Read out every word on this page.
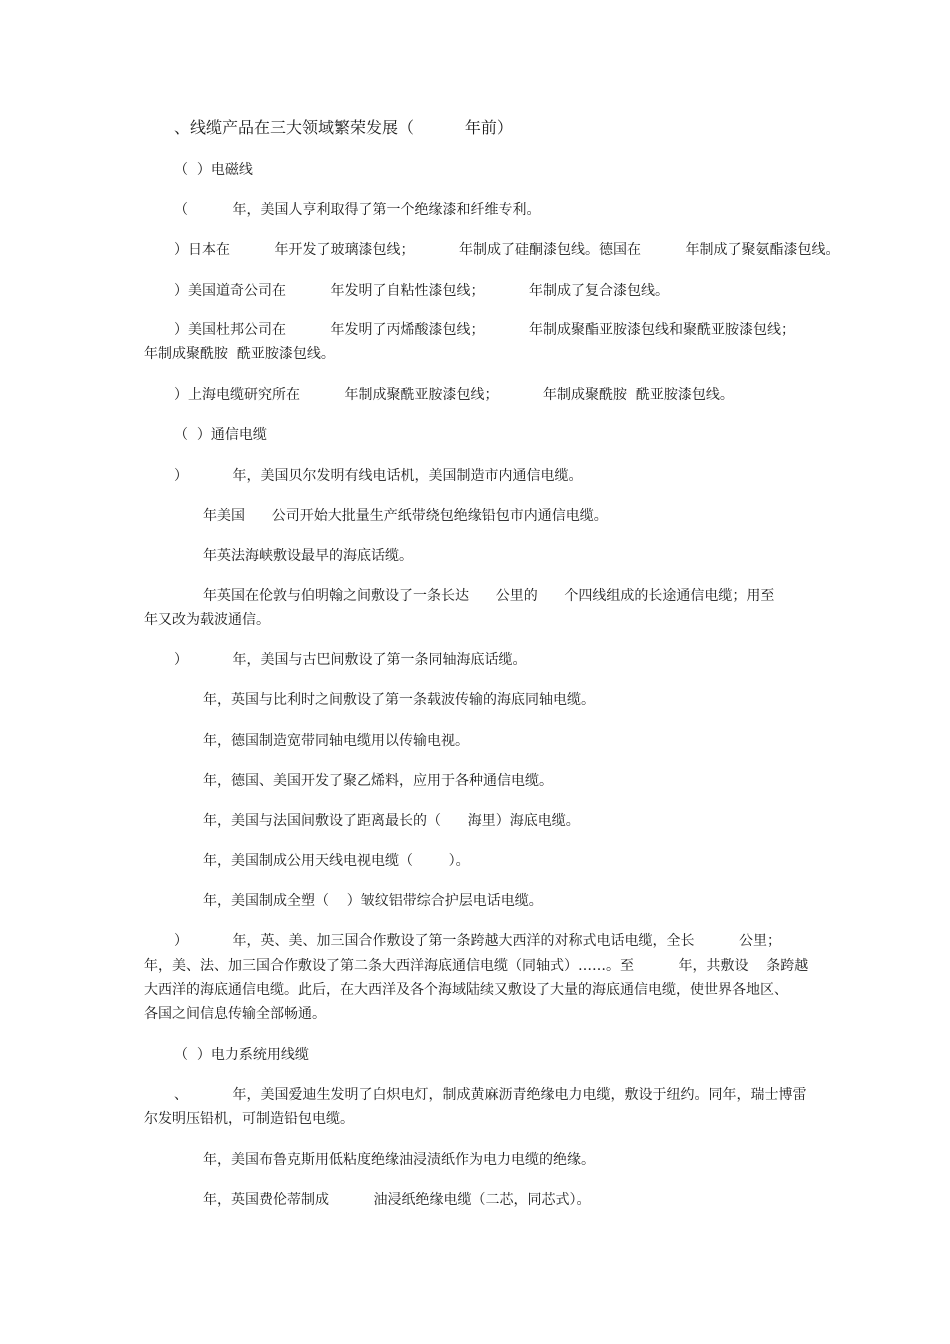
、线缆产品在三大领域繁荣发展（          年前）
（  ）电磁线
（          年，美国人亨利取得了第一个绝缘漆和纤维专利。
）日本在          年开发了玻璃漆包线；          年制成了硅酮漆包线。德国在          年制成了聚氨酯漆包线。
）美国道奇公司在          年发明了自粘性漆包线；          年制成了复合漆包线。
）美国杜邦公司在          年发明了丙烯酸漆包线；          年制成聚酯亚胺漆包线和聚酰亚胺漆包线；
年制成聚酰胺  酰亚胺漆包线。
）上海电缆研究所在          年制成聚酰亚胺漆包线；          年制成聚酰胺  酰亚胺漆包线。
（  ）通信电缆
）          年，美国贝尔发明有线电话机，美国制造市内通信电缆。
年美国      公司开始大批量生产纸带绕包绝缘铅包市内通信电缆。
年英法海峡敷设最早的海底话缆。
年英国在伦敦与伯明翰之间敷设了一条长达      公里的      个四线组成的长途通信电缆；用至
年又改为载波通信。
）          年，美国与古巴间敷设了第一条同轴海底话缆。
年，英国与比利时之间敷设了第一条载波传输的海底同轴电缆。
年，德国制造宽带同轴电缆用以传输电视。
年，德国、美国开发了聚乙烯料，应用于各种通信电缆。
年，美国与法国间敷设了距离最长的（      海里）海底电缆。
年，美国制成公用天线电视电缆（        ）。
年，美国制成全塑（    ）皱纹铝带综合护层电话电缆。
）          年，英、美、加三国合作敷设了第一条跨越大西洋的对称式电话电缆，全长          公里；
年，美、法、加三国合作敷设了第二条大西洋海底通信电缆（同轴式）……。至          年，共敷设    条跨越
大西洋的海底通信电缆。此后，在大西洋及各个海域陆续又敷设了大量的海底通信电缆，使世界各地区、
各国之间信息传输全部畅通。
（  ）电力系统用线缆
、          年，美国爱迪生发明了白炽电灯，制成黄麻沥青绝缘电力电缆，敷设于纽约。同年，瑞士博雷
尔发明压铅机，可制造铅包电缆。
年，美国布鲁克斯用低粘度绝缘油浸渍纸作为电力电缆的绝缘。
年，英国费伦蒂制成          油浸纸绝缘电缆（二芯，同芯式）。
